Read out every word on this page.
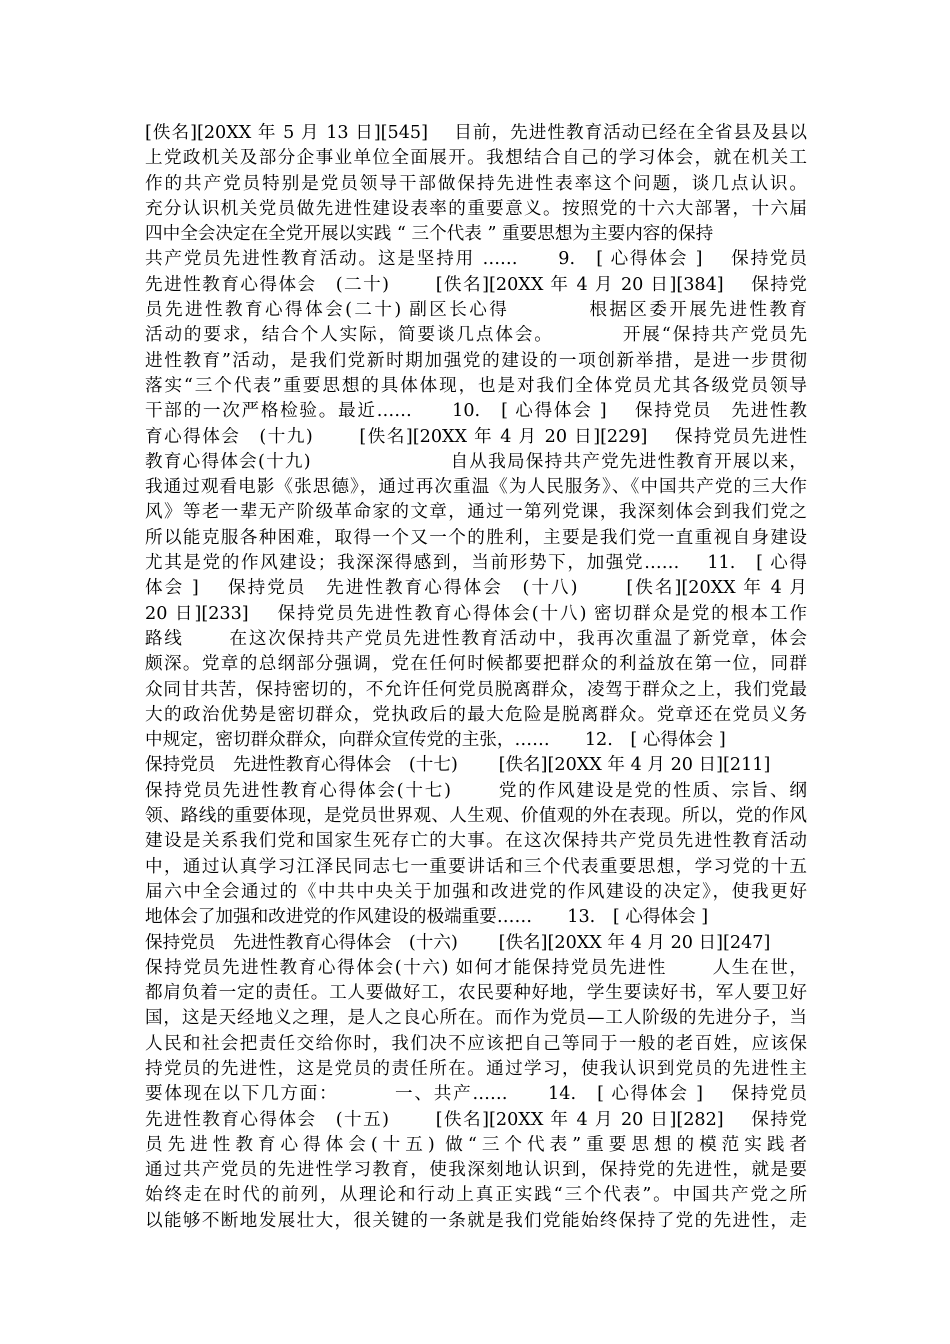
[佚名][20XX 年 5 月 13 日][545]　 目前，先进性教育活动已经在全省县及县以
上党政机关及部分企事业单位全面展开。我想结合自己的学习体会，就在机关工
作的共产党员特别是党员领导干部做保持先进性表率这个问题，谈几点认识。
充分认识机关党员做先进性建设表率的重要意义。按照党的十六大部署，十六届
四中全会决定在全党开展以实践 “ 三个代表 ” 重要思想为主要内容的保持
共产党员先进性教育活动。这是坚持用 ……　　9.　[ 心得体会 ]　 保持党员
先进性教育心得体会　(二十)　　 [佚名][20XX 年 4 月 20 日][384]　 保持党
员先进性教育心得体会(二十) 副区长心得　　　　根据区委开展先进性教育
活动的要求，结合个人实际，简要谈几点体会。　　　　开展“保持共产党员先
进性教育”活动，是我们党新时期加强党的建设的一项创新举措，是进一步贯彻
落实“三个代表”重要思想的具体体现，也是对我们全体党员尤其各级党员领导
干部的一次严格检验。最近……　　10.　[ 心得体会 ]　 保持党员　先进性教
育心得体会　(十九)　　 [佚名][20XX 年 4 月 20 日][229]　 保持党员先进性
教育心得体会(十九)　　　　　　　 自从我局保持共产党先进性教育开展以来，
我通过观看电影《张思德》，通过再次重温《为人民服务》、《中国共产党的三大作
风》等老一辈无产阶级革命家的文章，通过一第列党课，我深刻体会到我们党之
所以能克服各种困难，取得一个又一个的胜利，主要是我们党一直重视自身建设
尤其是党的作风建设；我深深得感到，当前形势下，加强党……　 11.　[ 心得
体会 ]　 保持党员　先进性教育心得体会　(十八)　　 [佚名][20XX 年 4 月
20 日][233]　 保持党员先进性教育心得体会(十八) 密切群众是党的根本工作
路线　　 在这次保持共产党员先进性教育活动中，我再次重温了新党章，体会
颇深。党章的总纲部分强调，党在任何时候都要把群众的利益放在第一位，同群
众同甘共苦，保持密切的，不允许任何党员脱离群众，凌驾于群众之上，我们党最
大的政治优势是密切群众，党执政后的最大危险是脱离群众。党章还在党员义务
中规定，密切群众群众，向群众宣传党的主张，……　　12.　[ 心得体会 ]
保持党员　先进性教育心得体会　(十七)　　 [佚名][20XX 年 4 月 20 日][211]
保持党员先进性教育心得体会(十七)　　 党的作风建设是党的性质、宗旨、纲
领、路线的重要体现，是党员世界观、人生观、价值观的外在表现。所以，党的作风
建设是关系我们党和国家生死存亡的大事。在这次保持共产党员先进性教育活动
中，通过认真学习江泽民同志七一重要讲话和三个代表重要思想，学习党的十五
届六中全会通过的《中共中央关于加强和改进党的作风建设的决定》，使我更好
地体会了加强和改进党的作风建设的极端重要……　　13.　[ 心得体会 ]
保持党员　先进性教育心得体会　(十六)　　 [佚名][20XX 年 4 月 20 日][247]
保持党员先进性教育心得体会(十六) 如何才能保持党员先进性　　 人生在世，
都肩负着一定的责任。工人要做好工，农民要种好地，学生要读好书，军人要卫好
国，这是天经地义之理，是人之良心所在。而作为党员—工人阶级的先进分子，当
人民和社会把责任交给你时，我们决不应该把自己等同于一般的老百姓，应该保
持党员的先进性，这是党员的责任所在。通过学习，使我认识到党员的先进性主
要体现在以下几方面：　　　 一、共产……　　14.　[ 心得体会 ]　 保持党员
先进性教育心得体会　(十五)　　 [佚名][20XX 年 4 月 20 日][282]　 保持党
员先进性教育心得体会(十五) 做“三个代表”重要思想的模范实践者
通过共产党员的先进性学习教育，使我深刻地认识到，保持党的先进性，就是要
始终走在时代的前列，从理论和行动上真正实践“三个代表”。中国共产党之所
以能够不断地发展壮大，很关键的一条就是我们党能始终保持了党的先进性，走
